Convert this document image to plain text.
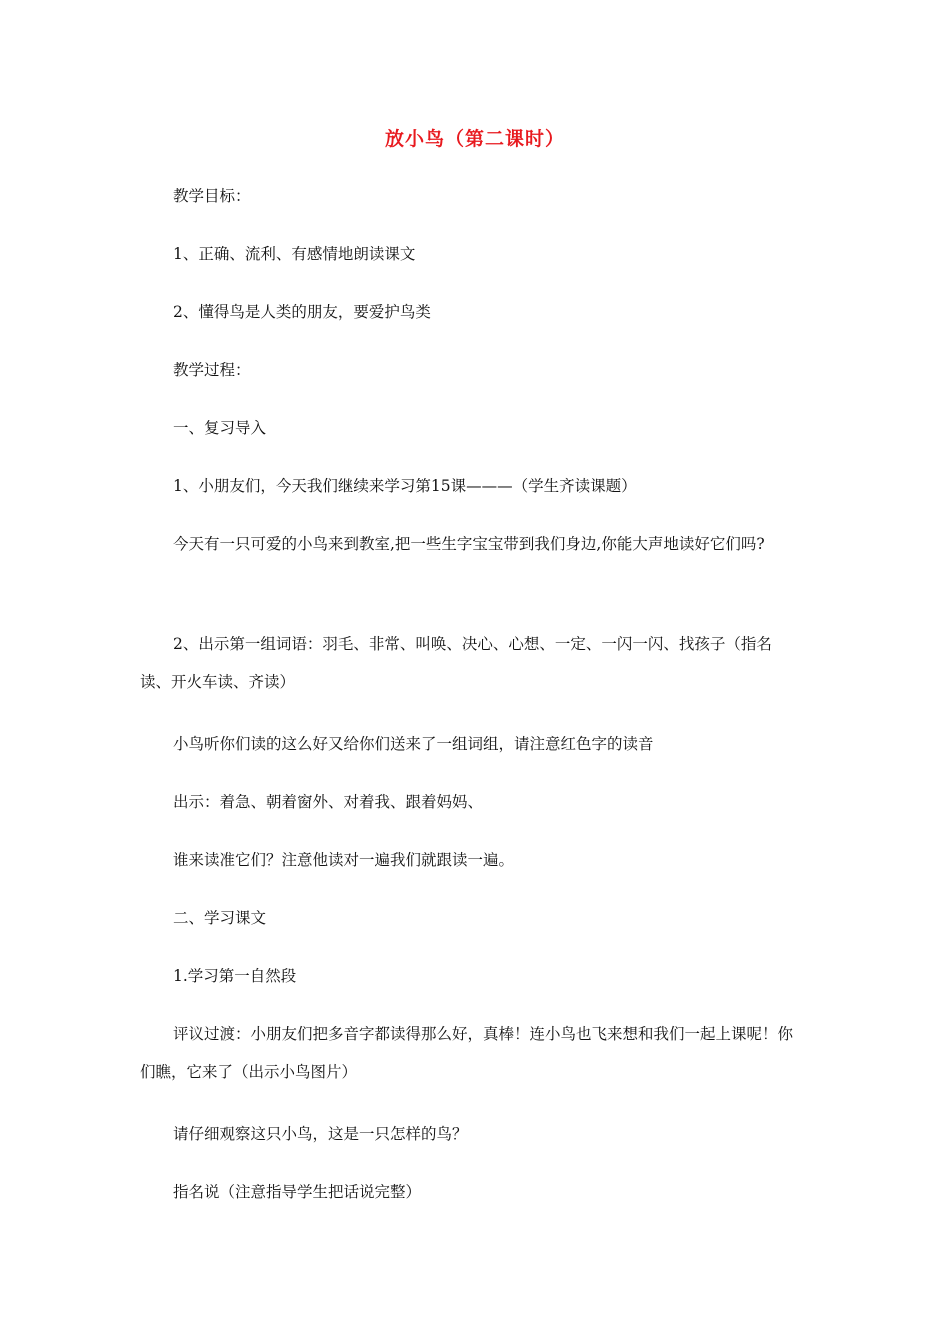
放小鸟（第二课时）

教学目标：

1、正确、流利、有感情地朗读课文

2、懂得鸟是人类的朋友，要爱护鸟类

教学过程：

一、复习导入

1、小朋友们，今天我们继续来学习第15课———（学生齐读课题）

今天有一只可爱的小鸟来到教室,把一些生字宝宝带到我们身边,你能大声地读好它们吗?

2、出示第一组词语：羽毛、非常、叫唤、决心、心想、一定、一闪一闪、找孩子（指名读、开火车读、齐读）

小鸟听你们读的这么好又给你们送来了一组词组，请注意红色字的读音

出示：着急、朝着窗外、对着我、跟着妈妈、

谁来读准它们？注意他读对一遍我们就跟读一遍。

二、学习课文

1.学习第一自然段

评议过渡：小朋友们把多音字都读得那么好，真棒！连小鸟也飞来想和我们一起上课呢！你们瞧，它来了（出示小鸟图片）

请仔细观察这只小鸟，这是一只怎样的鸟？

指名说（注意指导学生把话说完整）
